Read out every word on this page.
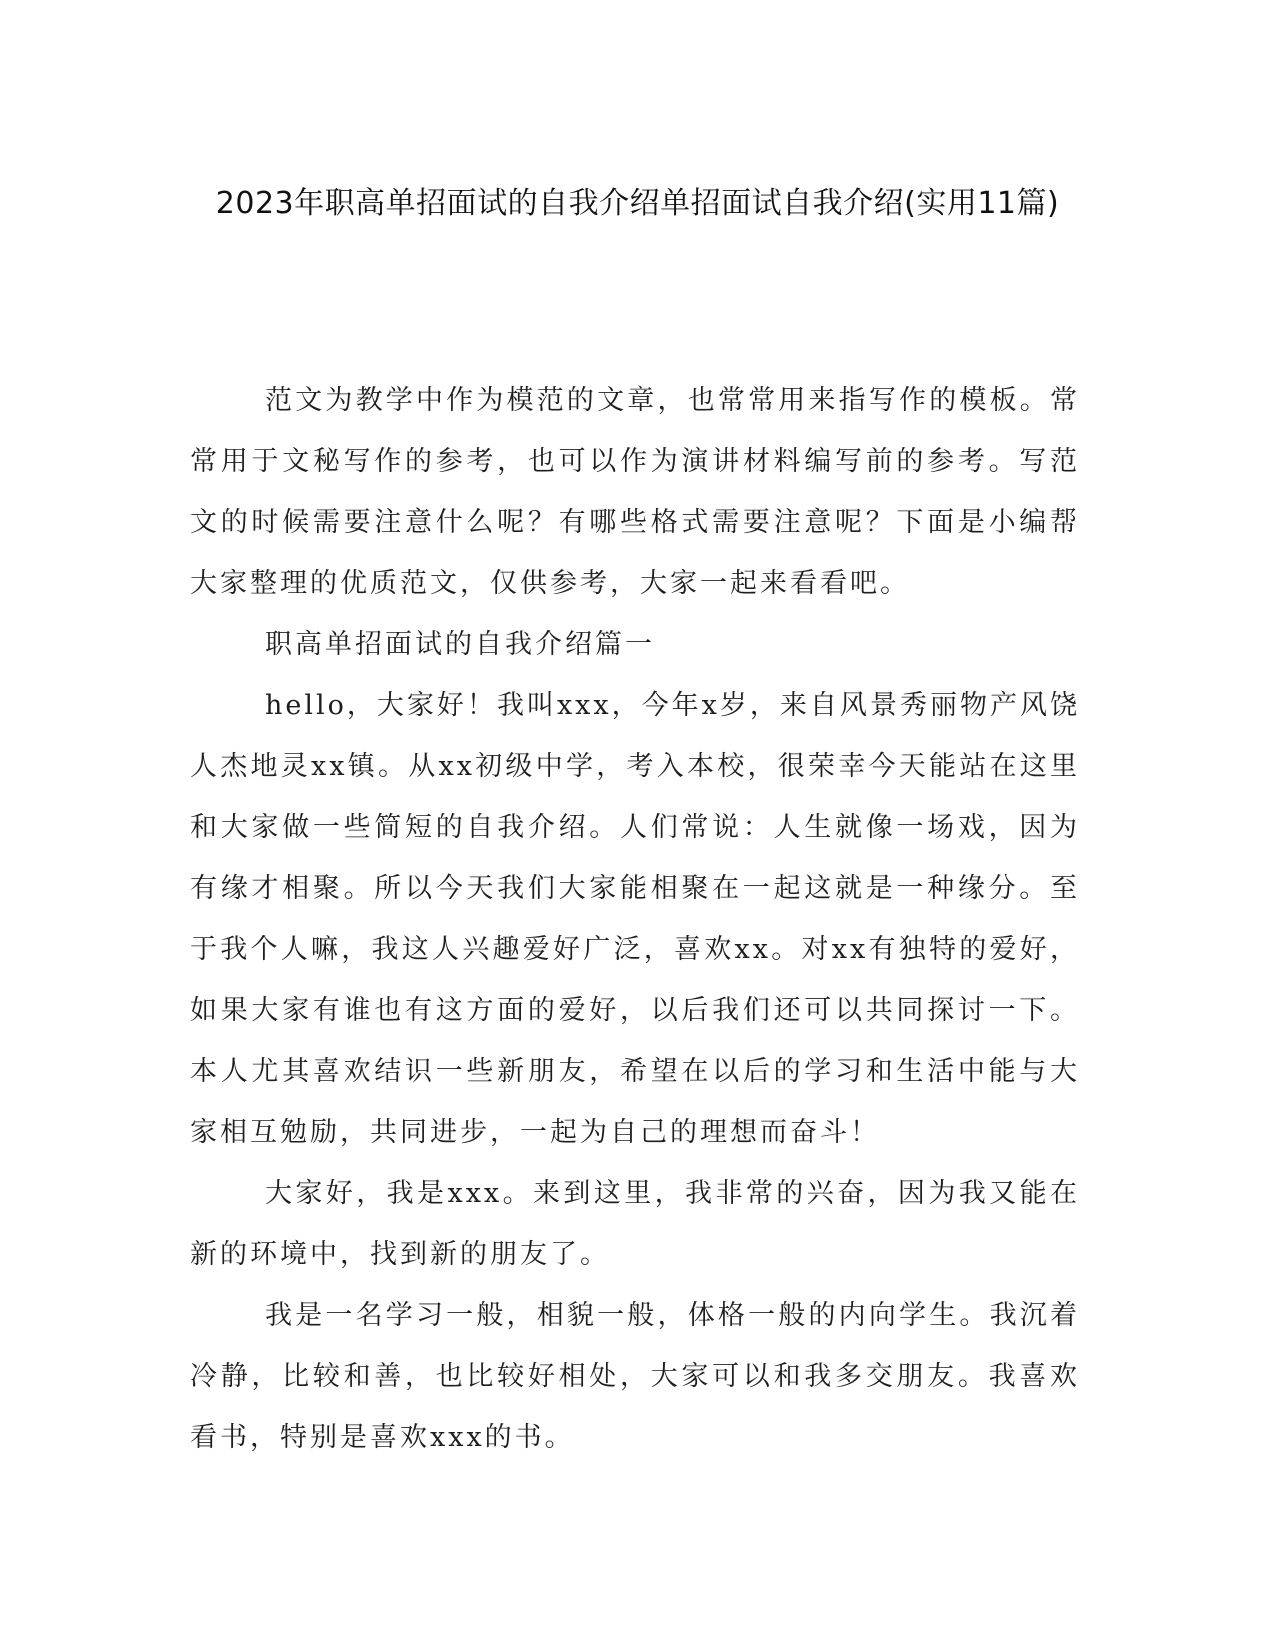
2023年职高单招面试的自我介绍单招面试自我介绍(实用11篇)

范文为教学中作为模范的文章，也常常用来指写作的模板。常常用于文秘写作的参考，也可以作为演讲材料编写前的参考。写范文的时候需要注意什么呢？有哪些格式需要注意呢？下面是小编帮大家整理的优质范文，仅供参考，大家一起来看看吧。

职高单招面试的自我介绍篇一

hello，大家好！我叫xxx，今年x岁，来自风景秀丽物产风饶人杰地灵xx镇。从xx初级中学，考入本校，很荣幸今天能站在这里和大家做一些简短的自我介绍。人们常说：人生就像一场戏，因为有缘才相聚。所以今天我们大家能相聚在一起这就是一种缘分。至于我个人嘛，我这人兴趣爱好广泛，喜欢xx。对xx有独特的爱好，如果大家有谁也有这方面的爱好，以后我们还可以共同探讨一下。本人尤其喜欢结识一些新朋友，希望在以后的学习和生活中能与大家相互勉励，共同进步，一起为自己的理想而奋斗！

大家好，我是xxx。来到这里，我非常的兴奋，因为我又能在新的环境中，找到新的朋友了。

我是一名学习一般，相貌一般，体格一般的内向学生。我沉着冷静，比较和善，也比较好相处，大家可以和我多交朋友。我喜欢看书，特别是喜欢xxx的书。
